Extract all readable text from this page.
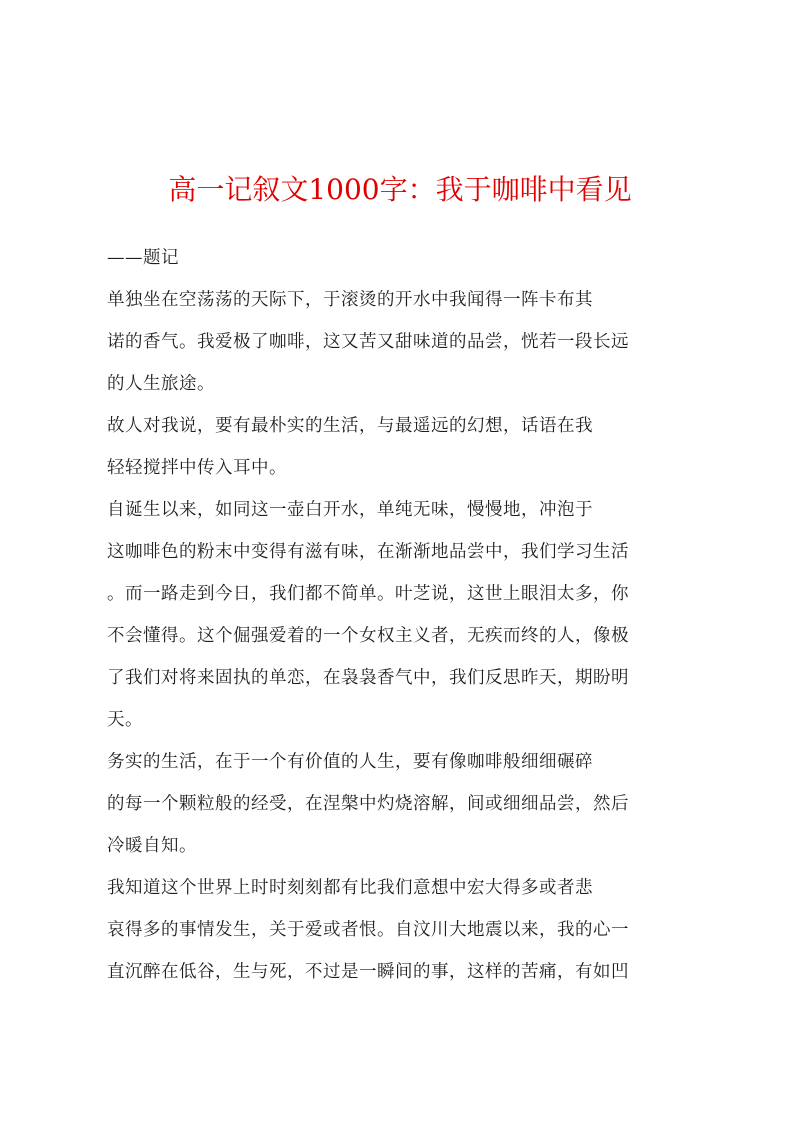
高一记叙文1000字：我于咖啡中看见
——题记
单独坐在空荡荡的天际下，于滚烫的开水中我闻得一阵卡布其
诺的香气。我爱极了咖啡，这又苦又甜味道的品尝，恍若一段长远
的人生旅途。
故人对我说，要有最朴实的生活，与最遥远的幻想，话语在我
轻轻搅拌中传入耳中。
自诞生以来，如同这一壶白开水，单纯无味，慢慢地，冲泡于
这咖啡色的粉末中变得有滋有味，在渐渐地品尝中，我们学习生活
。而一路走到今日，我们都不简单。叶芝说，这世上眼泪太多，你
不会懂得。这个倔强爱着的一个女权主义者，无疾而终的人，像极
了我们对将来固执的单恋，在袅袅香气中，我们反思昨天，期盼明
天。
务实的生活，在于一个有价值的人生，要有像咖啡般细细碾碎
的每一个颗粒般的经受，在涅槃中灼烧溶解，间或细细品尝，然后
冷暖自知。
我知道这个世界上时时刻刻都有比我们意想中宏大得多或者悲
哀得多的事情发生，关于爱或者恨。自汶川大地震以来，我的心一
直沉醉在低谷，生与死，不过是一瞬间的事，这样的苦痛，有如凹
